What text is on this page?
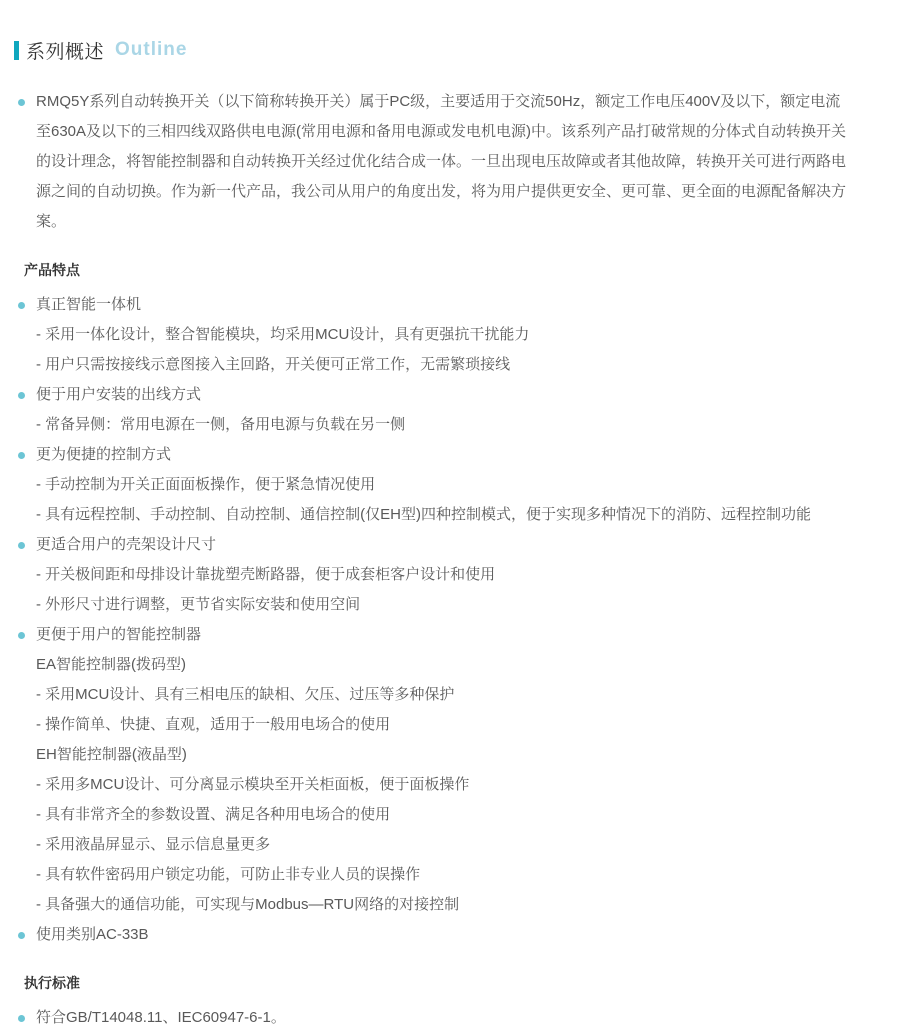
系列概述 Outline
RMQ5Y系列自动转换开关（以下简称转换开关）属于PC级，主要适用于交流50Hz，额定工作电压400V及以下，额定电流至630A及以下的三相四线双路供电电源(常用电源和备用电源或发电机电源)中。该系列产品打破常规的分体式自动转换开关的设计理念，将智能控制器和自动转换开关经过优化结合成一体。一旦出现电压故障或者其他故障，转换开关可进行两路电源之间的自动切换。作为新一代产品，我公司从用户的角度出发，将为用户提供更安全、更可靠、更全面的电源配备解决方案。
产品特点
真正智能一体机
- 采用一体化设计，整合智能模块，均采用MCU设计，具有更强抗干扰能力
- 用户只需按接线示意图接入主回路，开关便可正常工作，无需繁琐接线
便于用户安装的出线方式
- 常备异侧：常用电源在一侧，备用电源与负载在另一侧
更为便捷的控制方式
- 手动控制为开关正面面板操作，便于紧急情况使用
- 具有远程控制、手动控制、自动控制、通信控制(仅EH型)四种控制模式，便于实现多种情况下的消防、远程控制功能
更适合用户的壳架设计尺寸
- 开关极间距和母排设计靠拢塑壳断路器，便于成套柜客户设计和使用
- 外形尺寸进行调整，更节省实际安装和使用空间
更便于用户的智能控制器
EA智能控制器(拨码型)
- 采用MCU设计、具有三相电压的缺相、欠压、过压等多种保护
- 操作简单、快捷、直观，适用于一般用电场合的使用
EH智能控制器(液晶型)
- 采用多MCU设计、可分离显示模块至开关柜面板，便于面板操作
- 具有非常齐全的参数设置、满足各种用电场合的使用
- 采用液晶屏显示、显示信息量更多
- 具有软件密码用户锁定功能，可防止非专业人员的误操作
- 具备强大的通信功能，可实现与Modbus—RTU网络的对接控制
使用类别AC-33B
执行标准
符合GB/T14048.11、IEC60947-6-1。
